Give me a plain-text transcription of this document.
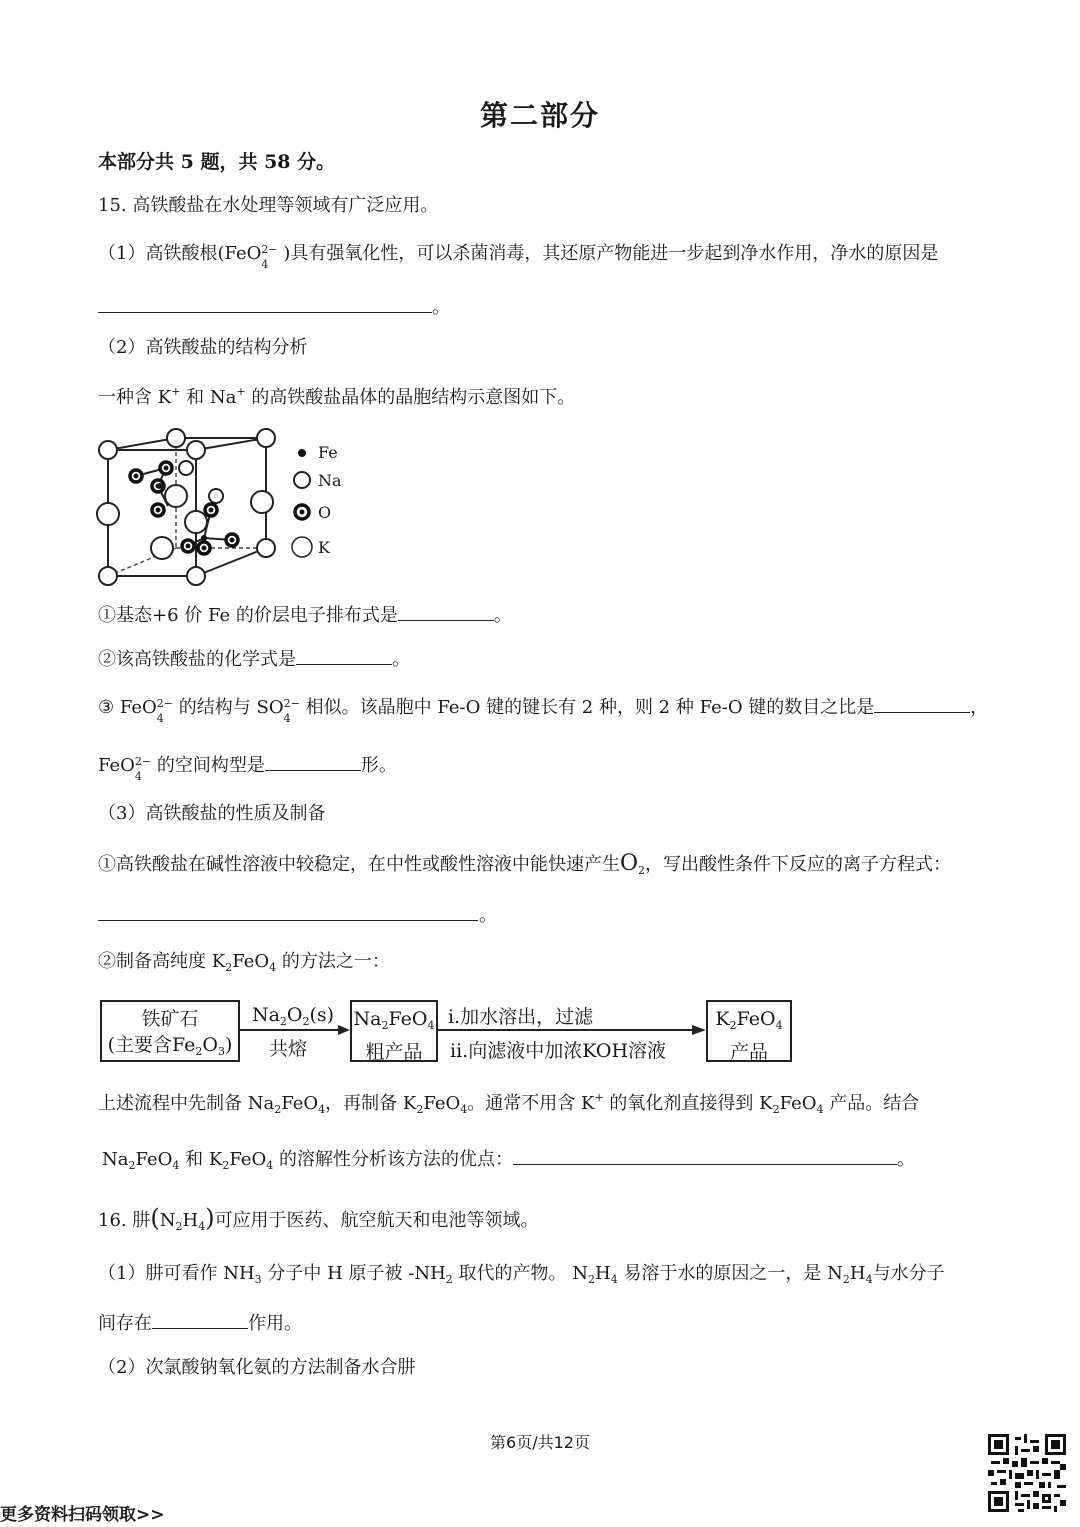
第二部分
本部分共 5 题，共 58 分。
15. 高铁酸盐在水处理等领域有广泛应用。
（1）高铁酸根(FeO 2−
4
)具有强氧化性，可以杀菌消毒，其还原产物能进一步起到净水作用，净水的原因是
。
（2）高铁酸盐的结构分析
一种含 K+ 和 Na+ 的高铁酸盐晶体的晶胞结构示意图如下。
Fe
Na
O
K
①基态+6 价 Fe 的价层电子排布式是	。
②该高铁酸盐的化学式是	。
③ FeO 2−
4
的结构与 SO 2−
4
相似。该晶胞中 Fe-O 键的键长有 2 种，则 2 种 Fe-O 键的数目之比是	，
FeO 2−
4
的空间构型是	形。
（3）高铁酸盐的性质及制备
①高铁酸盐在碱性溶液中较稳定，在中性或酸性溶液中能快速产生$O_2$，写出酸性条件下反应的离子方程式：
。
②制备高纯度 $K_2FeO_4$ 的方法之一：
铁矿石
(主要含$Fe_2O_3$)
$Na_2O_2(s)$
共熔
$Na_2FeO_4$
粗产品
i.加水溶出，过滤
ii.向滤液中加浓KOH溶液
$K_2FeO_4$
产品
上述流程中先制备 $Na_2FeO_4$，再制备 $K_2FeO_4$。通常不用含 K+ 的氧化剂直接得到 $K_2FeO_4$ 产品。结合
$Na_2FeO_4$ 和 $K_2FeO_4$ 的溶解性分析该方法的优点：	。
16. 肼$(N_2H_4)$可应用于医药、航空航天和电池等领域。
（1）肼可看作 $NH_3$ 分子中 H 原子被 $-NH_2$ 取代的产物。 $N_2H_4$ 易溶于水的原因之一，是 $N_2H_4$与水分子
间存在	作用。
（2）次氯酸钠氧化氨的方法制备水合肼
第6页/共12页
更多资料扫码领取>>
